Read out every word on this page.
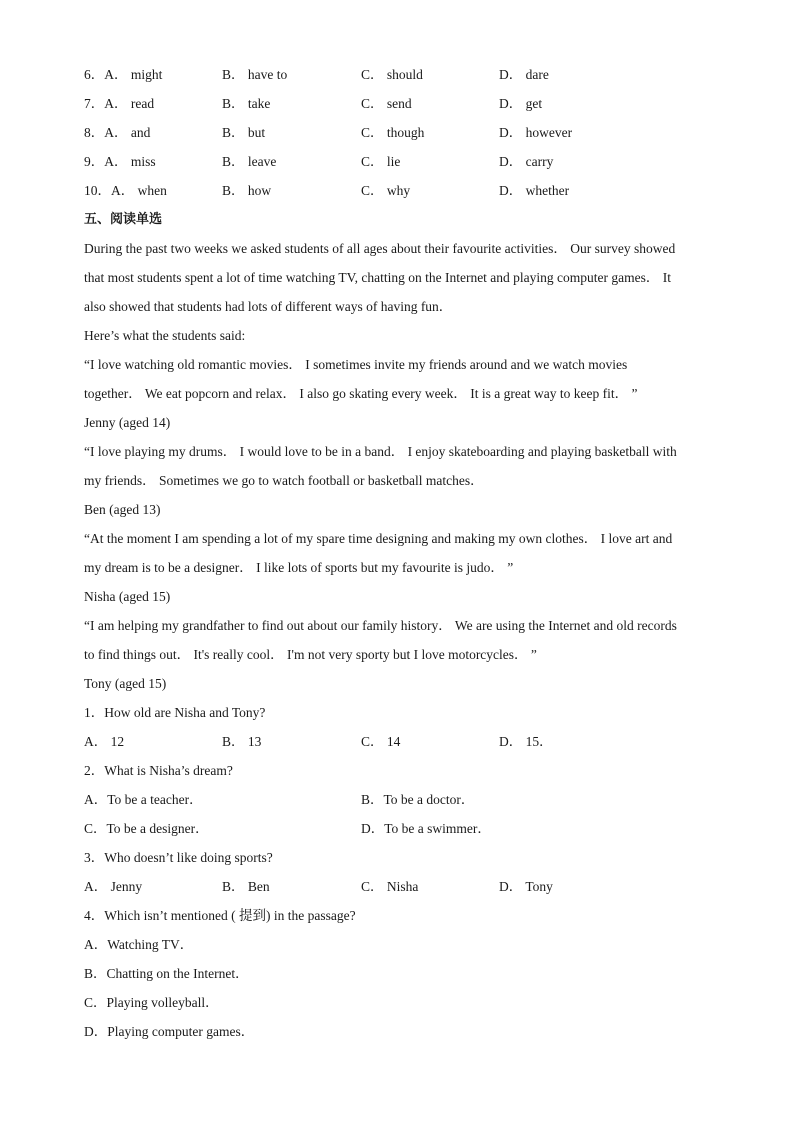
6．A． might	B． have to	C． should	D． dare
7．A． read	B． take	C． send	D． get
8．A． and	B． but	C． though	D． however
9．A． miss	B． leave	C． lie	D． carry
10．A． when	B． how	C． why	D． whether
五、阅读单选
During the past two weeks we asked students of all ages about their favourite activities． Our survey showed
that most students spent a lot of time watching TV, chatting on the Internet and playing computer games． It
also showed that students had lots of different ways of having fun．
Here’s what the students said:
“I love watching old romantic movies． I sometimes invite my friends around and we watch movies
together． We eat popcorn and relax． I also go skating every week． It is a great way to keep fit． ”
Jenny (aged 14)
“I love playing my drums． I would love to be in a band． I enjoy skateboarding and playing basketball with
my friends． Sometimes we go to watch football or basketball matches．
Ben (aged 13)
“At the moment I am spending a lot of my spare time designing and making my own clothes． I love art and
my dream is to be a designer． I like lots of sports but my favourite is judo． ”
Nisha (aged 15)
“I am helping my grandfather to find out about our family history． We are using the Internet and old records
to find things out． It's really cool． I'm not very sporty but I love motorcycles． ”
Tony (aged 15)
1．How old are Nisha and Tony?
A． 12	B． 13	C． 14	D． 15．
2．What is Nisha’s dream?
A．To be a teacher．	B．To be a doctor．
C．To be a designer．	D．To be a swimmer．
3．Who doesn’t like doing sports?
A． Jenny	B． Ben	C． Nisha	D． Tony
4．Which isn’t mentioned ( 提到) in the passage?
A．Watching TV．
B．Chatting on the Internet．
C．Playing volleyball．
D．Playing computer games．
